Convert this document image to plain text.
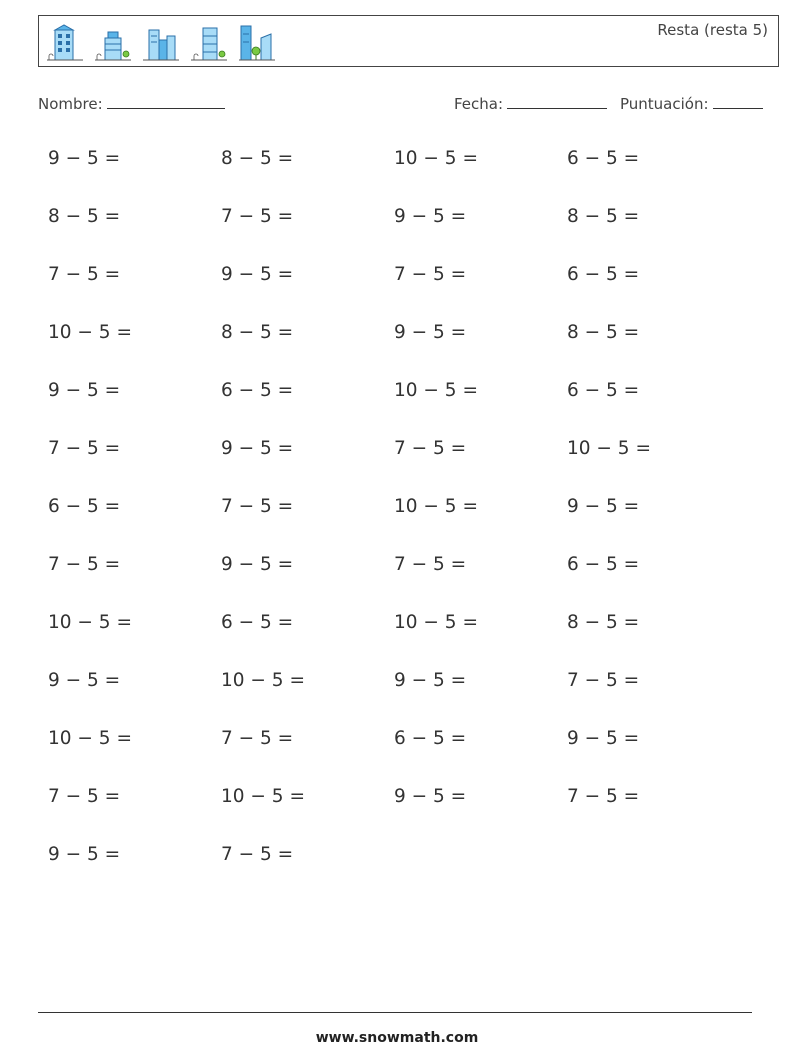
Resta (resta 5)
Nombre:	Fecha:	Puntuación:
9 − 5 =	8 − 5 =	10 − 5 =	6 − 5 =
8 − 5 =	7 − 5 =	9 − 5 =	8 − 5 =
7 − 5 =	9 − 5 =	7 − 5 =	6 − 5 =
10 − 5 =	8 − 5 =	9 − 5 =	8 − 5 =
9 − 5 =	6 − 5 =	10 − 5 =	6 − 5 =
7 − 5 =	9 − 5 =	7 − 5 =	10 − 5 =
6 − 5 =	7 − 5 =	10 − 5 =	9 − 5 =
7 − 5 =	9 − 5 =	7 − 5 =	6 − 5 =
10 − 5 =	6 − 5 =	10 − 5 =	8 − 5 =
9 − 5 =	10 − 5 =	9 − 5 =	7 − 5 =
10 − 5 =	7 − 5 =	6 − 5 =	9 − 5 =
7 − 5 =	10 − 5 =	9 − 5 =	7 − 5 =
9 − 5 =	7 − 5 =
www.snowmath.com
